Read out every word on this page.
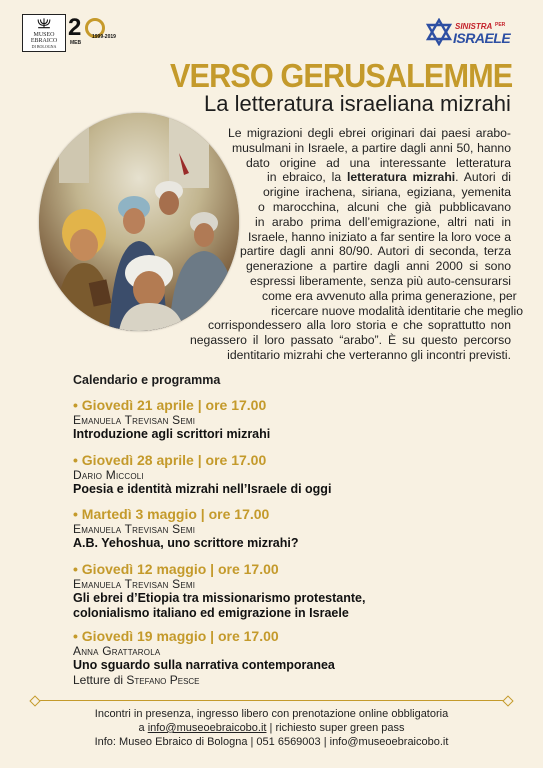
MUSEO
EBRAICO
DI BOLOGNA
2 1999-2019
MEB
SINISTRA PER
ISRAELE
VERSO GERUSALEMME
La letteratura israeliana mizrahi
Le migrazioni degli ebrei originari dai paesi arabo-
musulmani in Israele, a partire dagli anni 50, hanno
dato origine ad una interessante letteratura
in ebraico, la letteratura mizrahi. Autori di
origine irachena, siriana, egiziana, yemenita
o marocchina, alcuni che già pubblicavano
in arabo prima dell’emigrazione, altri nati in
Israele, hanno iniziato a far sentire la loro voce a
partire dagli anni 80/90. Autori di seconda, terza
generazione a partire dagli anni 2000 si sono
espressi liberamente, senza più auto-censurarsi
come era avvenuto alla prima generazione, per
ricercare nuove modalità identitarie che meglio
corrispondessero alla loro storia e che soprattutto non
negassero il loro passato “arabo”. È su questo percorso
identitario mizrahi che verteranno gli incontri previsti.
Calendario e programma
• Giovedì 21 aprile | ore 17.00
Emanuela Trevisan Semi
Introduzione agli scrittori mizrahi
• Giovedì 28 aprile | ore 17.00
Dario Miccoli
Poesia e identità mizrahi nell’Israele di oggi
• Martedì 3 maggio | ore 17.00
Emanuela Trevisan Semi
A.B. Yehoshua, uno scrittore mizrahi?
• Giovedì 12 maggio | ore 17.00
Emanuela Trevisan Semi
Gli ebrei d’Etiopia tra missionarismo protestante,
colonialismo italiano ed emigrazione in Israele
• Giovedì 19 maggio | ore 17.00
Anna Grattarola
Uno sguardo sulla narrativa contemporanea
Letture di Stefano Pesce
Incontri in presenza, ingresso libero con prenotazione online obbligatoria
a info@museoebraicobo.it | richiesto super green pass
Info: Museo Ebraico di Bologna | 051 6569003 | info@museoebraicobo.it
